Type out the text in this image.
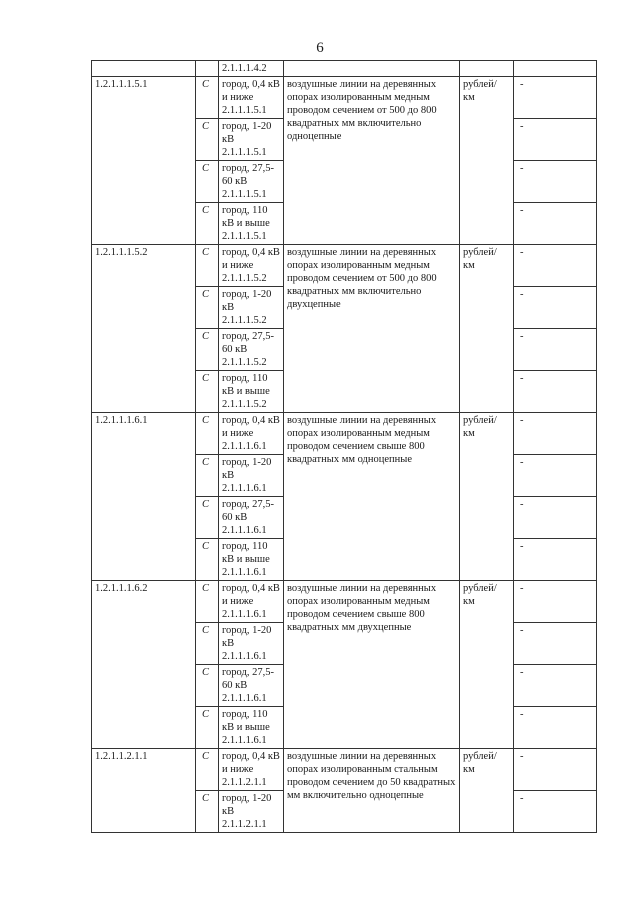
6
		2.1.1.1.4.2			
1.2.1.1.1.5.1	С	город, 0,4 кВ и ниже 2.1.1.1.5.1	воздушные линии на деревянных опорах изолированным медным проводом сечением от 500 до 800 квадратных мм включительно одноцепные	рублей/ км	-
	С	город, 1-20 кВ 2.1.1.1.5.1			-
	С	город, 27,5-60 кВ 2.1.1.1.5.1			-
	С	город, 110 кВ и выше 2.1.1.1.5.1			-
1.2.1.1.1.5.2	С	город, 0,4 кВ и ниже 2.1.1.1.5.2	воздушные линии на деревянных опорах изолированным медным проводом сечением от 500 до 800 квадратных мм включительно двухцепные	рублей/ км	-
	С	город, 1-20 кВ 2.1.1.1.5.2			-
	С	город, 27,5-60 кВ 2.1.1.1.5.2			-
	С	город, 110 кВ и выше 2.1.1.1.5.2			-
1.2.1.1.1.6.1	С	город, 0,4 кВ и ниже 2.1.1.1.6.1	воздушные линии на деревянных опорах изолированным медным проводом сечением свыше 800 квадратных мм одноцепные	рублей/ км	-
	С	город, 1-20 кВ 2.1.1.1.6.1			-
	С	город, 27,5-60 кВ 2.1.1.1.6.1			-
	С	город, 110 кВ и выше 2.1.1.1.6.1			-
1.2.1.1.1.6.2	С	город, 0,4 кВ и ниже 2.1.1.1.6.1	воздушные линии на деревянных опорах изолированным медным проводом сечением свыше 800 квадратных мм двухцепные	рублей/ км	-
	С	город, 1-20 кВ 2.1.1.1.6.1			-
	С	город, 27,5-60 кВ 2.1.1.1.6.1			-
	С	город, 110 кВ и выше 2.1.1.1.6.1			-
1.2.1.1.2.1.1	С	город, 0,4 кВ и ниже 2.1.1.2.1.1	воздушные линии на деревянных опорах изолированным стальным проводом сечением до 50 квадратных мм включительно одноцепные	рублей/ км	-
	С	город, 1-20 кВ 2.1.1.2.1.1			-
